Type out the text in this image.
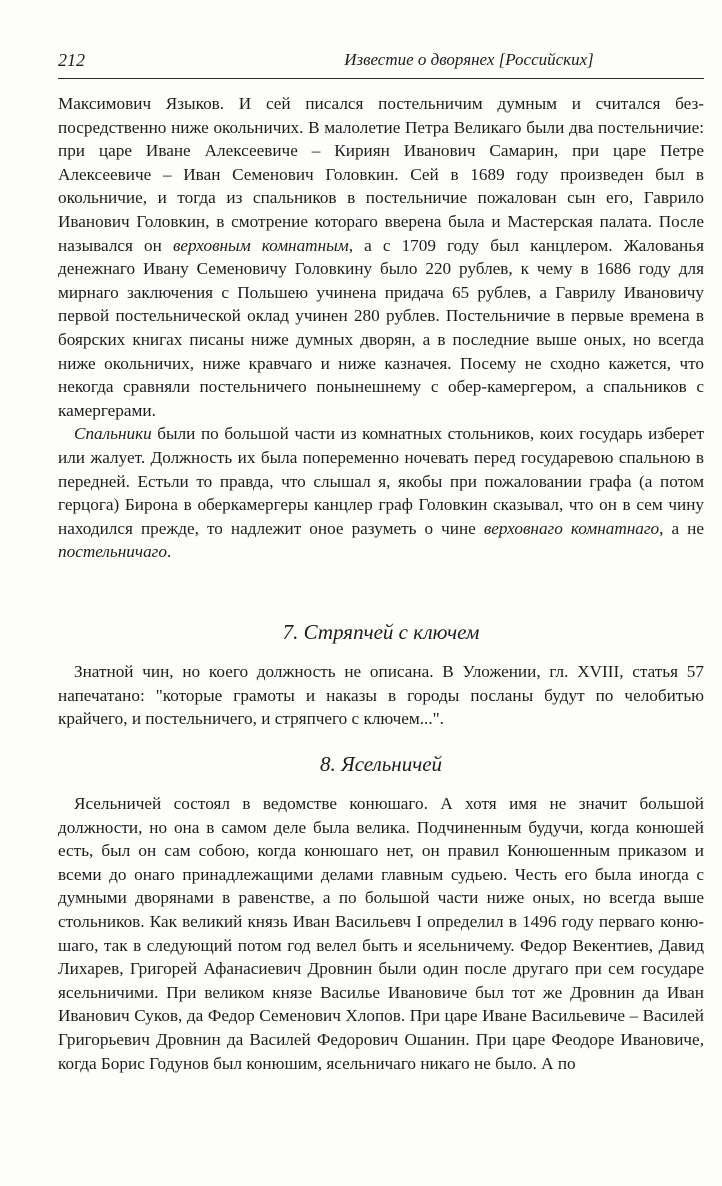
212	Известие о дворянех [Российских]

Максимович Языков. И сей писался постельничим думным и считался безпосредственно ниже окольничих. В малолетие Петра Великаго были два постельничие: при царе Иване Алексеевиче – Кириян Иванович Самарин, при царе Петре Алексеевиче – Иван Семенович Головкин. Сей в 1689 году произведен был в окольничие, и тогда из спальников в постельничие пожалован сын его, Гаврило Иванович Головкин, в смотрение котораго вверена была и Мастерская палата. После назывался он верховным комнатным, а с 1709 году был канцлером. Жалованья денежнаго Ивану Семеновичу Головкину было 220 рублев, к чему в 1686 году для мирнаго заключения с Польшею учинена придача 65 рублев, а Гаврилу Ивановичу первой постельнической оклад учинен 280 рублев. Постельничие в первые времена в боярских книгах писаны ниже думных дворян, а в последние выше оных, но всегда ниже окольничих, ниже кравчаго и ниже казначея. Посему не сходно кажется, что некогда сравняли постельничего понынешнему с обер-камергером, а спальников с камергерами.

Спальники были по большой части из комнатных стольников, коих государь изберет или жалует. Должность их была попеременно ночевать перед государевою спальною в передней. Естьли то правда, что слышал я, якобы при пожаловании графа (а потом герцога) Бирона в оберкамергеры канцлер граф Головкин сказывал, что он в сем чину находился прежде, то надлежит оное разуметь о чине верховнаго комнатнаго, а не постельничаго.

7. Стряпчей с ключем

Знатной чин, но коего должность не описана. В Уложении, гл. XVIII, статья 57 напечатано: "которые грамоты и наказы в городы посланы будут по челобитью крайчего, и постельничего, и стряпчего с ключем...".

8. Ясельничей

Ясельничей состоял в ведомстве конюшаго. А хотя имя не значит большой должности, но она в самом деле была велика. Подчиненным будучи, когда конюшей есть, был он сам собою, когда конюшаго нет, он правил Конюшенным приказом и всеми до онаго принадлежащими делами главным судьею. Честь его была иногда с думными дворянами в равенстве, а по большой части ниже оных, но всегда выше стольников. Как великий князь Иван Васильевч I определил в 1496 году перваго конюшаго, так в следующий потом год велел быть и ясельничему. Федор Векентиев, Давид Лихарев, Григорей Афанасиевич Дровнин были один после другаго при сем государе ясельничими. При великом князе Василье Ивановиче был тот же Дровнин да Иван Иванович Суков, да Федор Семенович Хлопов. При царе Иване Васильевиче – Василей Григорьевич Дровнин да Василей Федорович Ошанин. При царе Феодоре Ивановиче, когда Борис Годунов был конюшим, ясельничаго никаго не было. А по
